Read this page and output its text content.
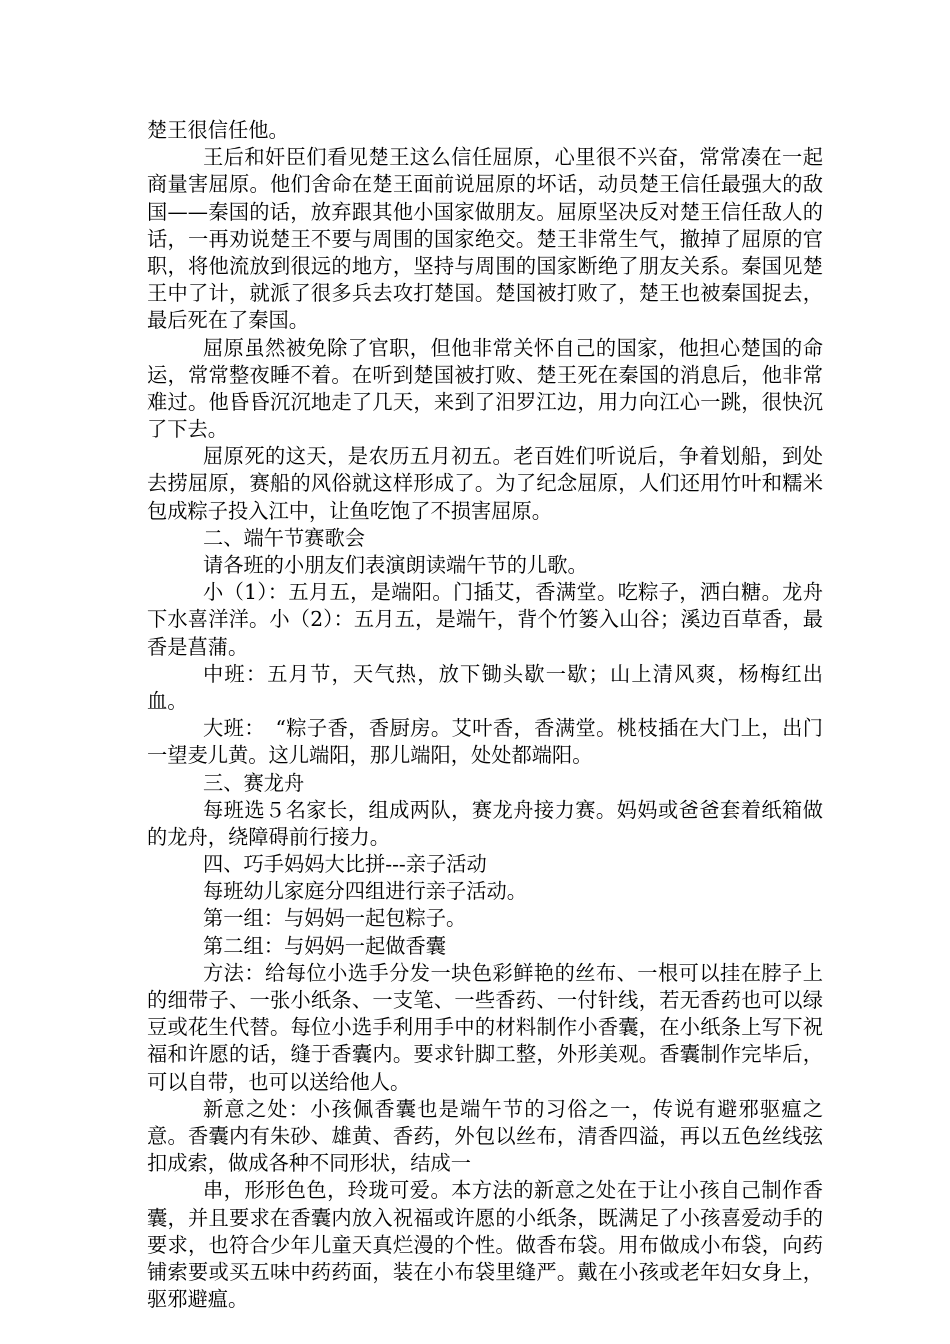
楚王很信任他。

王后和奸臣们看见楚王这么信任屈原，心里很不兴奋，常常凑在一起商量害屈原。他们舍命在楚王面前说屈原的坏话，动员楚王信任最强大的敌国——秦国的话，放弃跟其他小国家做朋友。屈原坚决反对楚王信任敌人的话，一再劝说楚王不要与周围的国家绝交。楚王非常生气，撤掉了屈原的官职，将他流放到很远的地方，坚持与周围的国家断绝了朋友关系。秦国见楚王中了计，就派了很多兵去攻打楚国。楚国被打败了，楚王也被秦国捉去，最后死在了秦国。

屈原虽然被免除了官职，但他非常关怀自己的国家，他担心楚国的命运，常常整夜睡不着。在听到楚国被打败、楚王死在秦国的消息后，他非常难过。他昏昏沉沉地走了几天，来到了汨罗江边，用力向江心一跳，很快沉了下去。

屈原死的这天，是农历五月初五。老百姓们听说后，争着划船，到处去捞屈原，赛船的风俗就这样形成了。为了纪念屈原，人们还用竹叶和糯米包成粽子投入江中，让鱼吃饱了不损害屈原。

二、端午节赛歌会

请各班的小朋友们表演朗读端午节的儿歌。

小（1）：五月五，是端阳。门插艾，香满堂。吃粽子，洒白糖。龙舟下水喜洋洋。小（2）：五月五，是端午，背个竹篓入山谷；溪边百草香，最香是菖蒲。

中班：五月节，天气热，放下锄头歇一歇；山上清风爽，杨梅红出血。

大班：　“粽子香，香厨房。艾叶香，香满堂。桃枝插在大门上，出门一望麦儿黄。这儿端阳，那儿端阳，处处都端阳。

三、赛龙舟

每班选５名家长，组成两队，赛龙舟接力赛。妈妈或爸爸套着纸箱做的龙舟，绕障碍前行接力。

四、巧手妈妈大比拼---亲子活动

每班幼儿家庭分四组进行亲子活动。

第一组：与妈妈一起包粽子。

第二组：与妈妈一起做香囊

方法：给每位小选手分发一块色彩鲜艳的丝布、一根可以挂在脖子上的细带子、一张小纸条、一支笔、一些香药、一付针线，若无香药也可以绿豆或花生代替。每位小选手利用手中的材料制作小香囊，在小纸条上写下祝福和许愿的话，缝于香囊内。要求针脚工整，外形美观。香囊制作完毕后，可以自带，也可以送给他人。

新意之处：小孩佩香囊也是端午节的习俗之一，传说有避邪驱瘟之意。香囊内有朱砂、雄黄、香药，外包以丝布，清香四溢，再以五色丝线弦扣成索，做成各种不同形状，结成一

串，形形色色，玲珑可爱。本方法的新意之处在于让小孩自己制作香囊，并且要求在香囊内放入祝福或许愿的小纸条，既满足了小孩喜爱动手的要求，也符合少年儿童天真烂漫的个性。做香布袋。用布做成小布袋，向药铺索要或买五味中药药面，装在小布袋里缝严。戴在小孩或老年妇女身上，驱邪避瘟。
